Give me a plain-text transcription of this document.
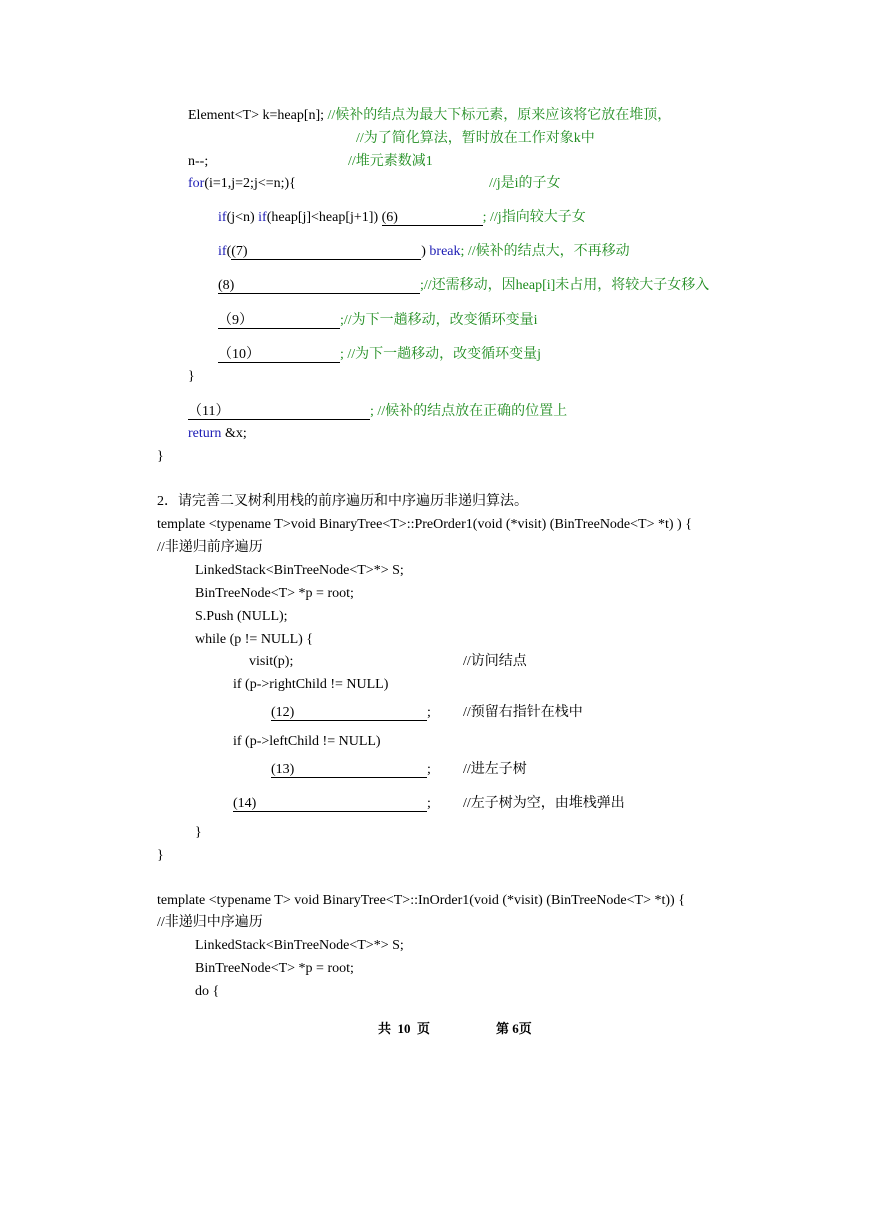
Element<T> k=heap[n]; //候补的结点为最大下标元素，原来应该将它放在堆顶，
//为了简化算法，暂时放在工作对象k中
n--;	//堆元素数减1
for(i=1,j=2;j<=n;){	//j是i的子女
if(j<n) if(heap[j]<heap[j+1]) (6)	; //j指向较大子女
if((7)	) break; //候补的结点大，不再移动
(8)	;//还需移动，因heap[i]未占用，将较大子女移入
（9）	;//为下一趟移动，改变循环变量i
（10）	; //为下一趟移动，改变循环变量j
}
（11）	; //候补的结点放在正确的位置上
return &x;
}
2．请完善二叉树利用栈的前序遍历和中序遍历非递归算法。
template <typename T>void BinaryTree<T>::PreOrder1(void (*visit) (BinTreeNode<T> *t) ) {
//非递归前序遍历
LinkedStack<BinTreeNode<T>*> S;
BinTreeNode<T> *p = root;
S.Push (NULL);
while (p != NULL) {
visit(p);	//访问结点
if (p->rightChild != NULL)
(12)	; //预留右指针在栈中
if (p->leftChild != NULL)
(13)	; //进左子树
(14)	; //左子树为空，由堆栈弹出
}
}
template <typename T> void BinaryTree<T>::InOrder1(void (*visit) (BinTreeNode<T> *t)) {
//非递归中序遍历
LinkedStack<BinTreeNode<T>*> S;
BinTreeNode<T> *p = root;
do {
共  10  页	第 6页
